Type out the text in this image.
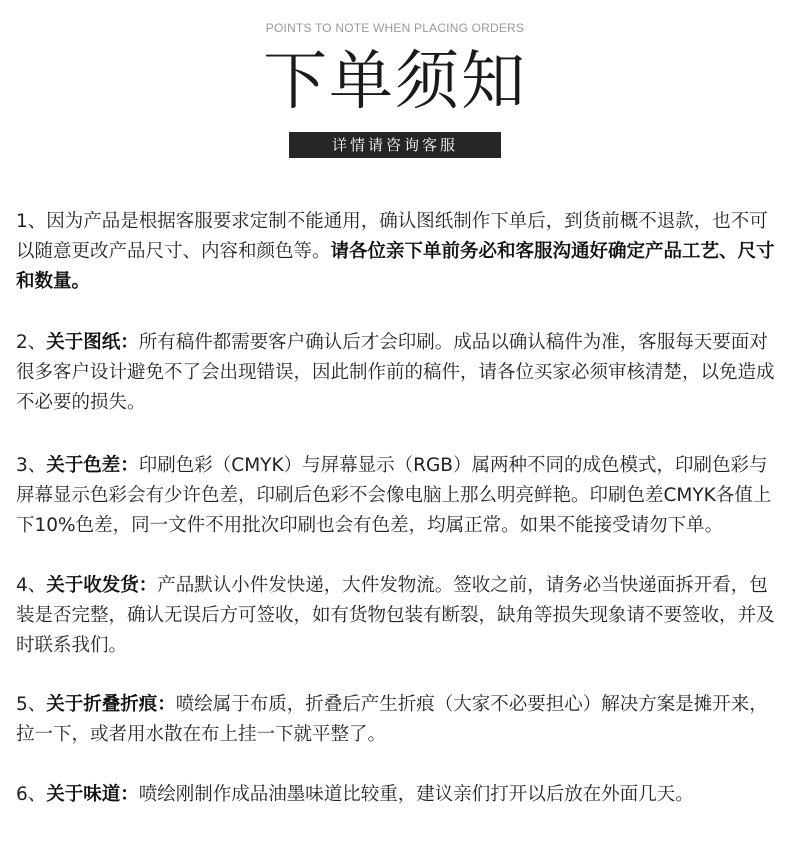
POINTS TO NOTE WHEN PLACING ORDERS
下单须知
详情请咨询客服

1、因为产品是根据客服要求定制不能通用，确认图纸制作下单后，到货前概不退款，也不可以随意更改产品尺寸、内容和颜色等。请各位亲下单前务必和客服沟通好确定产品工艺、尺寸和数量。

2、关于图纸：所有稿件都需要客户确认后才会印刷。成品以确认稿件为准，客服每天要面对很多客户设计避免不了会出现错误，因此制作前的稿件，请各位买家必须审核清楚，以免造成不必要的损失。

3、关于色差：印刷色彩（CMYK）与屏幕显示（RGB）属两种不同的成色模式，印刷色彩与屏幕显示色彩会有少许色差，印刷后色彩不会像电脑上那么明亮鲜艳。印刷色差CMYK各值上下10%色差，同一文件不用批次印刷也会有色差，均属正常。如果不能接受请勿下单。

4、关于收发货：产品默认小件发快递，大件发物流。签收之前，请务必当快递面拆开看，包装是否完整，确认无误后方可签收，如有货物包装有断裂，缺角等损失现象请不要签收，并及时联系我们。

5、关于折叠折痕：喷绘属于布质，折叠后产生折痕（大家不必要担心）解决方案是摊开来，拉一下，或者用水散在布上挂一下就平整了。

6、关于味道：喷绘刚制作成品油墨味道比较重，建议亲们打开以后放在外面几天。
